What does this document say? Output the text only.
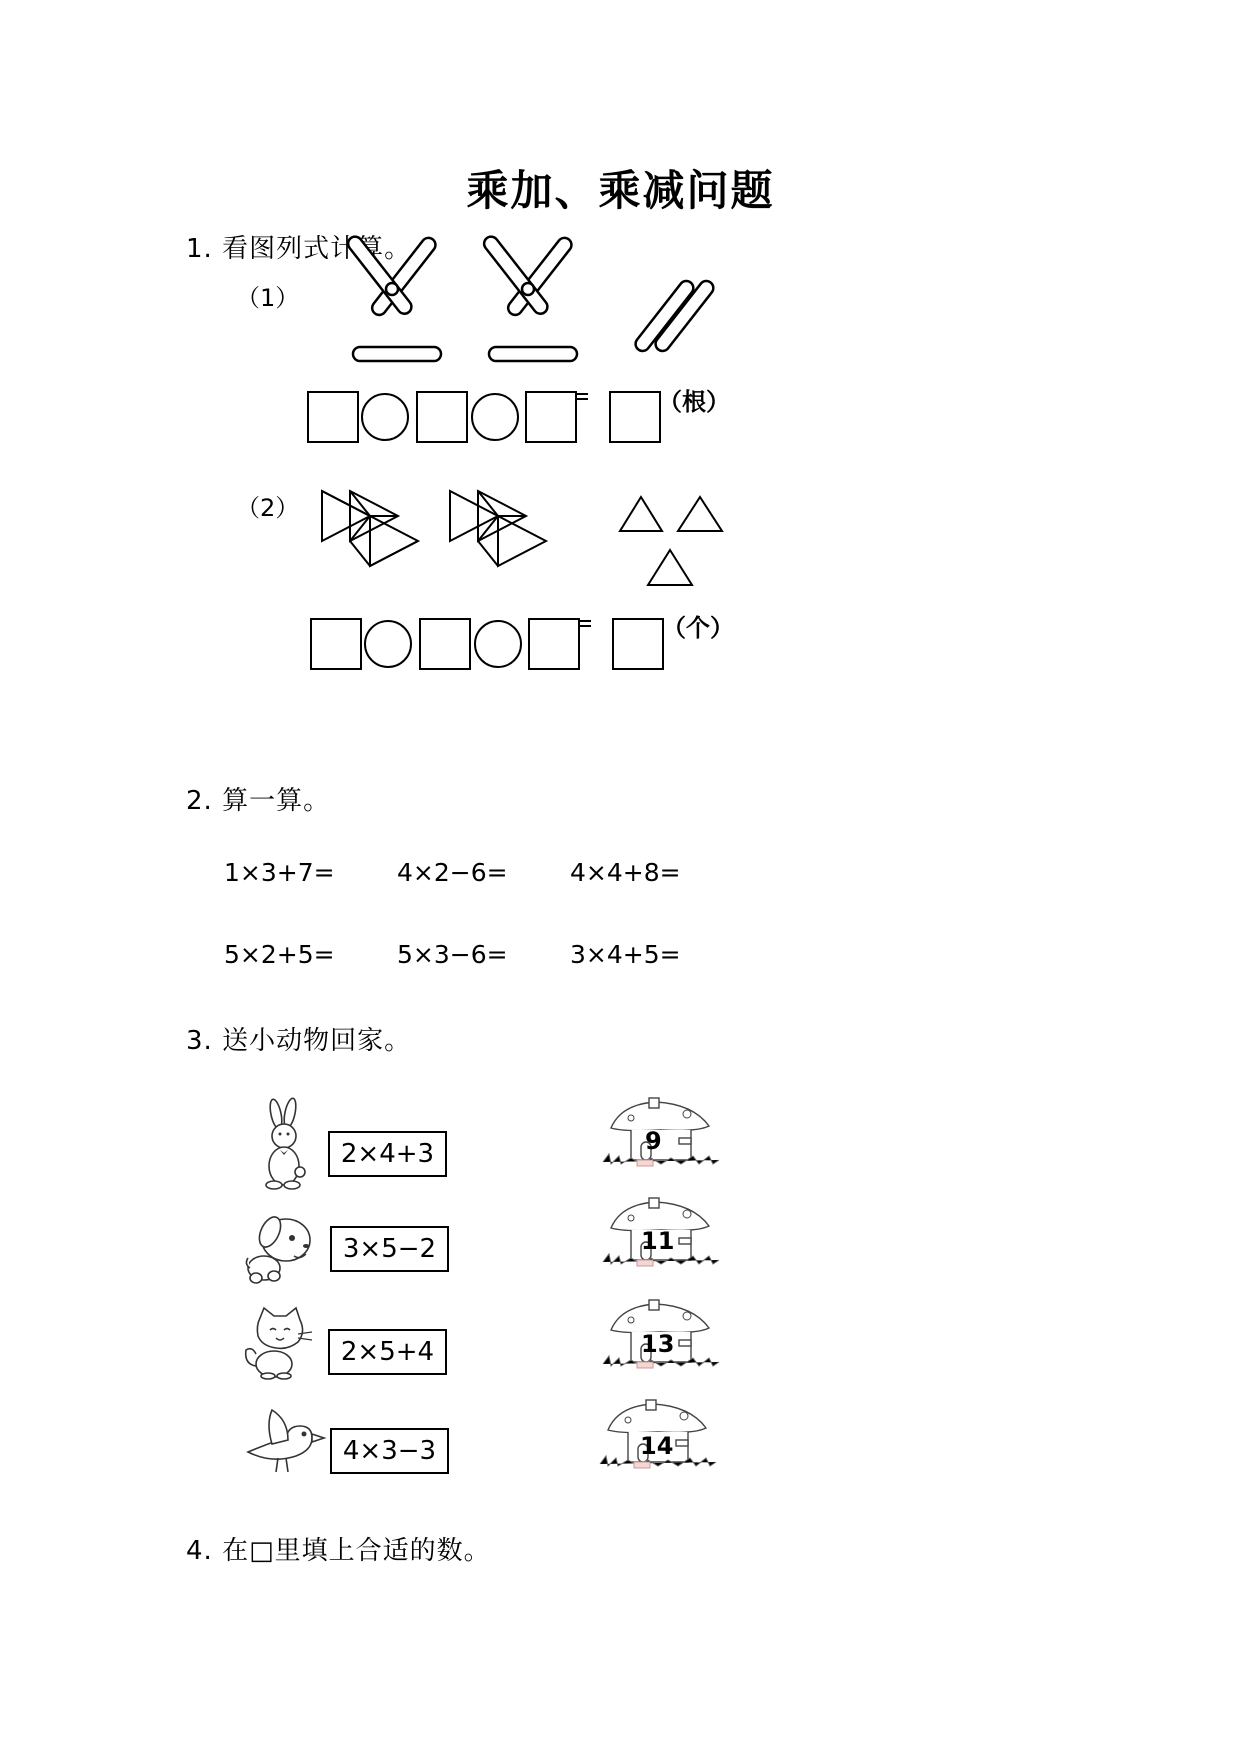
乘加、乘减问题
1. 看图列式计算。
（1）
（根）
（2）
（个）
2. 算一算。
1×3+7= 4×2−6= 4×4+8=
5×2+5= 5×3−6= 3×4+5=
3. 送小动物回家。
2×4+3
3×5−2
2×5+4
4×3−3
9
11
13
14
4. 在□里填上合适的数。
